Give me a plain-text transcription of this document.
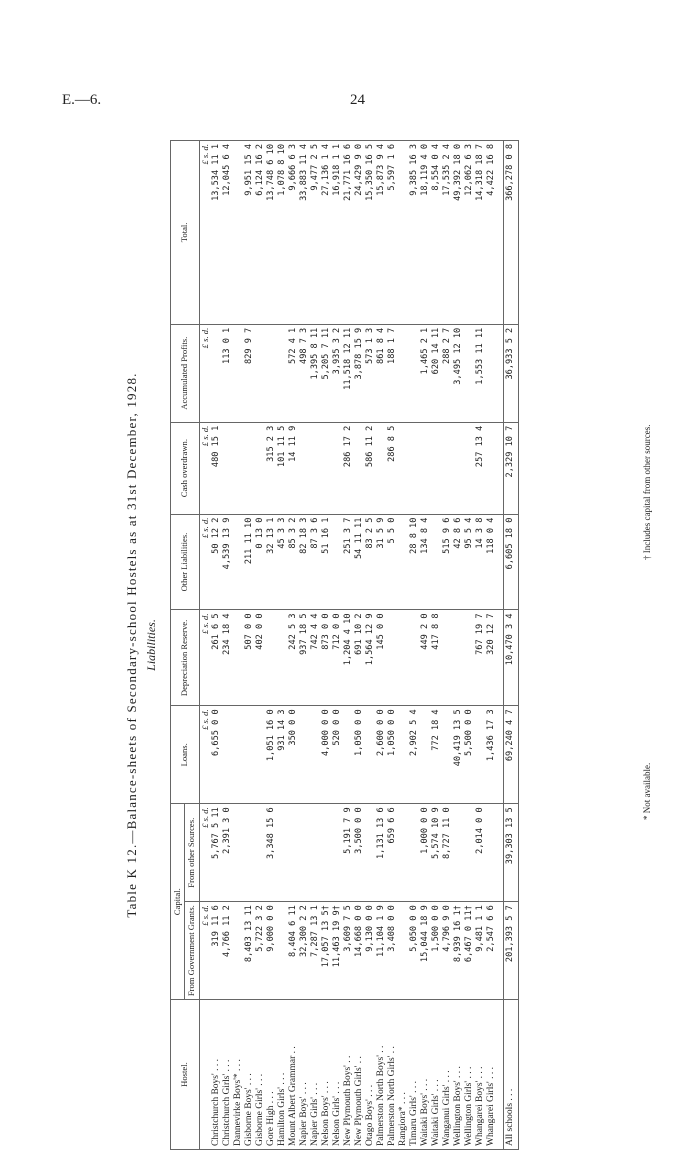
E.—6.	24
Table K 12.—Balance-sheets of Secondary-school Hostels as at 31st December, 1928. Liabilities.
Hostel.	Capital.		Loans.	Depreciation Reserve.	Other Liabilities.	Cash overdrawn.	Accumulated Profits.	Total.
	From Government Grants.	From other Sources.						
	£ s. d.	£ s. d.	£ s. d.	£ s. d.	£ s. d.	£ s. d.	£ s. d.	£ s. d.
Christchurch Boys' . . .	319 11 6	5,767 5 11	6,655 0 0	261 6 5	50 12 2	480 15 1		13,534 11 1
Christchurch Girls' . . .	4,766 11 2	2,391 3 0		234 18 4	4,539 13 9		113 0 1	12,045 6 4
Dannevirke Boys'* . . .								
Gisborne Boys' . . .	8,403 13 11			507 0 0	211 11 10		829 9 7	9,951 15 4
Gisborne Girls' . . .	5,722 3 2			402 0 0	0 13 0			6,124 16 2
Gore High . . .	9,000 0 0	3,348 15 6	1,051 16 0		32 13 1	315 2 3		13,748 6 10
Hamilton Girls' . . .			931 14 3		45 3 3	101 11 5		1,078 8 10
Mount Albert Grammar . .	8,404 6 11		350 0 0	242 5 3	85 3 2	14 11 9	572 4 1	9,666 6 3
Napier Boys' . . .	32,300 2 2			937 18 5	82 18 3		498 7 3	33,883 11 4
Napier Girls' . . .	7,287 13 1			742 4 4	87 3 6		1,395 8 11	9,477 2 5
Nelson Boys' . . .	17,057 13 5†		4,000 0 0	873 0 0	51 16 1		5,205 7 11	27,136 1 4
Nelson Girls' . . .	11,463 19 9†		520 0 0	712 0 0			3,935 3 2	16,918 1 1
New Plymouth Boys' . .	3,609 7 5	5,191 7 9		1,204 4 10	251 3 7	286 17 2	11,518 12 11	21,771 16 6
New Plymouth Girls' . .	14,668 0 0	3,500 0 0	1,050 0 0	691 10 2	54 11 11		3,878 15 9	24,429 9 0
Otago Boys' . . .	9,130 0 0			1,564 12 9	83 2 5	586 11 2	573 1 3	15,350 16 5
Palmerston North Boys' . .	11,104 1 9	1,131 13 6	2,600 0 0	145 0 0	31 5 9		861 8 4	15,873 9 4
Palmerston North Girls' . .	3,408 0 0	659 6 6	1,050 0 0		5 5 0	286 8 5	188 1 7	5,597 1 6
Rangiora* . . .								
Timaru Girls' . . .	5,050 0 0		2,902 5 4		28 8 10			9,385 16 3
Waitaki Boys' . . .	15,044 18 9	1,000 0 0		449 2 0	134 8 4		1,465 2 1	18,119 4 0
Waitaki Girls' . . .	1,500 0 0	5,574 10 9	772 18 4	417 8 8			620 14 11	8,554 0 4
Wanganui Girls' . . .	4,796 9 0	8,727 11 0			515 9 6		288 2 7	17,535 2 4
Wellington Boys' . . .	8,939 16 1†		40,419 13 5		42 8 6		3,495 12 10	49,392 18 0
Wellington Girls' . . .	6,467 0 11†		5,500 0 0		95 5 4			12,062 6 3
Whangarei Boys' . . .	9,481 1 1	2,014 0 0		767 19 7	14 3 8	257 13 4	1,553 11 11	14,318 18 7
Whangarei Girls' . . .	2,547 6 6		1,436 17 3	320 12 7	118 0 4			4,422 16 8

All schools . . .	201,393 5 7	39,303 13 5	69,240 4 7	10,470 3 4	6,605 18 0	2,329 10 7	36,933 5 2	366,278 0 8
* Not available.
† Includes capital from other sources.
